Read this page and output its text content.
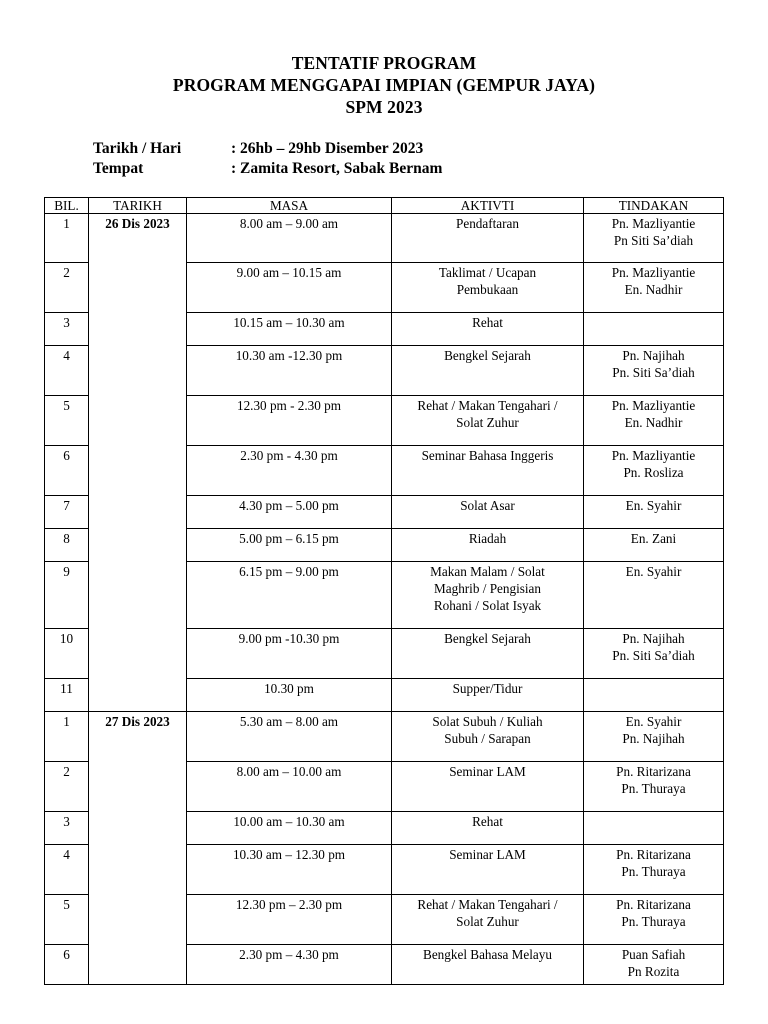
TENTATIF PROGRAM
PROGRAM MENGGAPAI IMPIAN (GEMPUR JAYA)
SPM 2023
Tarikh / Hari	: 26hb – 29hb Disember 2023
Tempat	: Zamita Resort, Sabak Bernam
BIL.	TARIKH	MASA	AKTIVTI	TINDAKAN

1	26 Dis 2023	8.00 am – 9.00 am	Pendaftaran	Pn. Mazliyantie
Pn Siti Sa’diah

2		9.00 am – 10.15 am	Taklimat / Ucapan
Pembukaan	Pn. Mazliyantie
En. Nadhir

3		10.15 am – 10.30 am	Rehat	

4		10.30 am -12.30 pm	Bengkel Sejarah	Pn. Najihah
Pn. Siti Sa’diah

5		12.30 pm - 2.30 pm	Rehat / Makan Tengahari /
Solat Zuhur	Pn. Mazliyantie
En. Nadhir

6		2.30 pm - 4.30 pm	Seminar Bahasa Inggeris	Pn. Mazliyantie
Pn. Rosliza

7		4.30 pm – 5.00 pm	Solat Asar	En. Syahir

8		5.00 pm – 6.15 pm	Riadah	En. Zani

9		6.15 pm – 9.00 pm	Makan Malam / Solat
Maghrib / Pengisian
Rohani / Solat Isyak	En. Syahir

10		9.00 pm -10.30 pm	Bengkel Sejarah	Pn. Najihah
Pn. Siti Sa’diah

11		10.30 pm	Supper/Tidur	

1	27 Dis 2023	5.30 am – 8.00 am	Solat Subuh / Kuliah
Subuh / Sarapan	En. Syahir
Pn. Najihah

2		8.00 am – 10.00 am	Seminar LAM	Pn. Ritarizana
Pn. Thuraya

3		10.00 am – 10.30 am	Rehat	

4		10.30 am – 12.30 pm	Seminar LAM	Pn. Ritarizana
Pn. Thuraya

5		12.30 pm – 2.30 pm	Rehat / Makan Tengahari /
Solat Zuhur	Pn. Ritarizana
Pn. Thuraya

6		2.30 pm – 4.30 pm	Bengkel Bahasa Melayu	Puan Safiah
Pn Rozita
